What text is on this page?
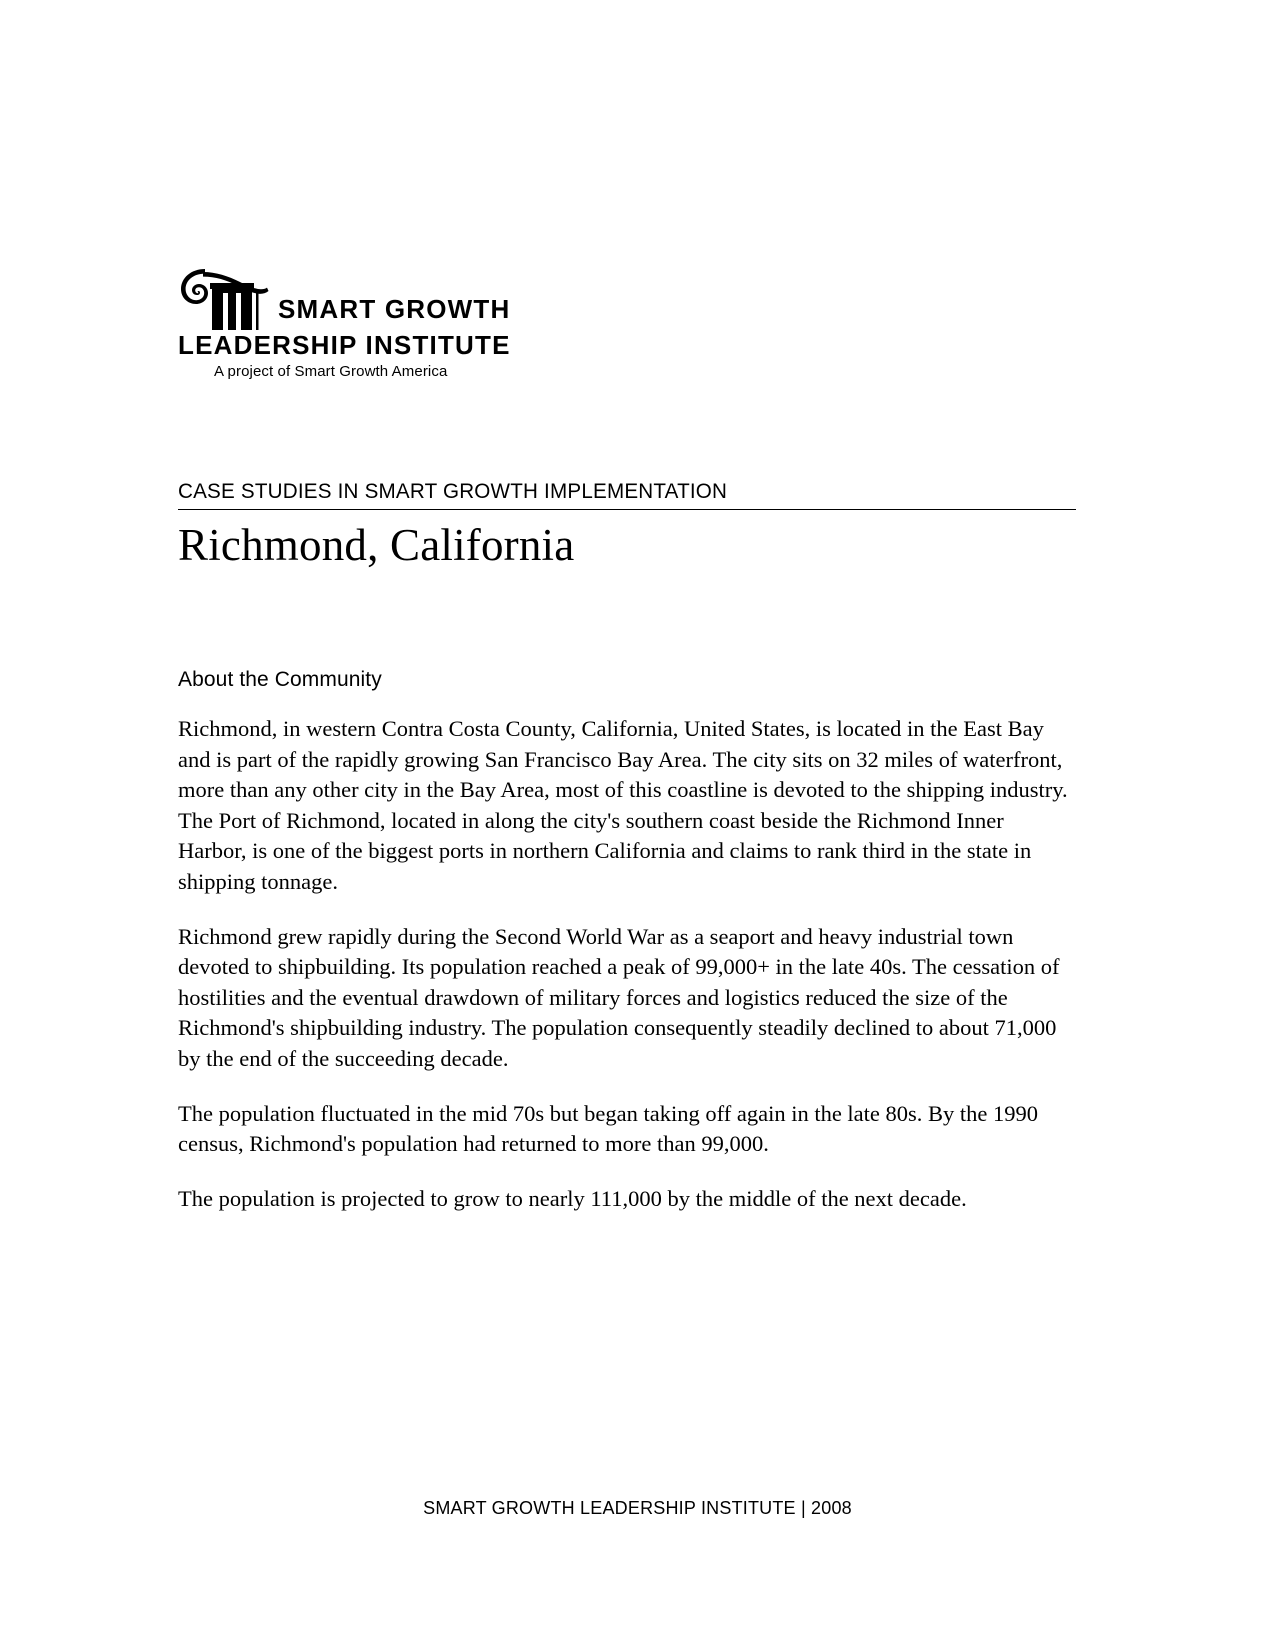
SMART GROWTH
LEADERSHIP INSTITUTE
A project of Smart Growth America
CASE STUDIES IN SMART GROWTH IMPLEMENTATION
Richmond, California
About the Community

Richmond, in western Contra Costa County, California, United States, is located in the East Bay and is part of the rapidly growing San Francisco Bay Area. The city sits on 32 miles of waterfront, more than any other city in the Bay Area, most of this coastline is devoted to the shipping industry. The Port of Richmond, located in along the city's southern coast beside the Richmond Inner Harbor, is one of the biggest ports in northern California and claims to rank third in the state in shipping tonnage.

Richmond grew rapidly during the Second World War as a seaport and heavy industrial town devoted to shipbuilding. Its population reached a peak of 99,000+ in the late 40s. The cessation of hostilities and the eventual drawdown of military forces and logistics reduced the size of the Richmond's shipbuilding industry. The population consequently steadily declined to about 71,000 by the end of the succeeding decade.

The population fluctuated in the mid 70s but began taking off again in the late 80s. By the 1990 census, Richmond's population had returned to more than 99,000.

The population is projected to grow to nearly 111,000 by the middle of the next decade.

SMART GROWTH LEADERSHIP INSTITUTE | 2008
